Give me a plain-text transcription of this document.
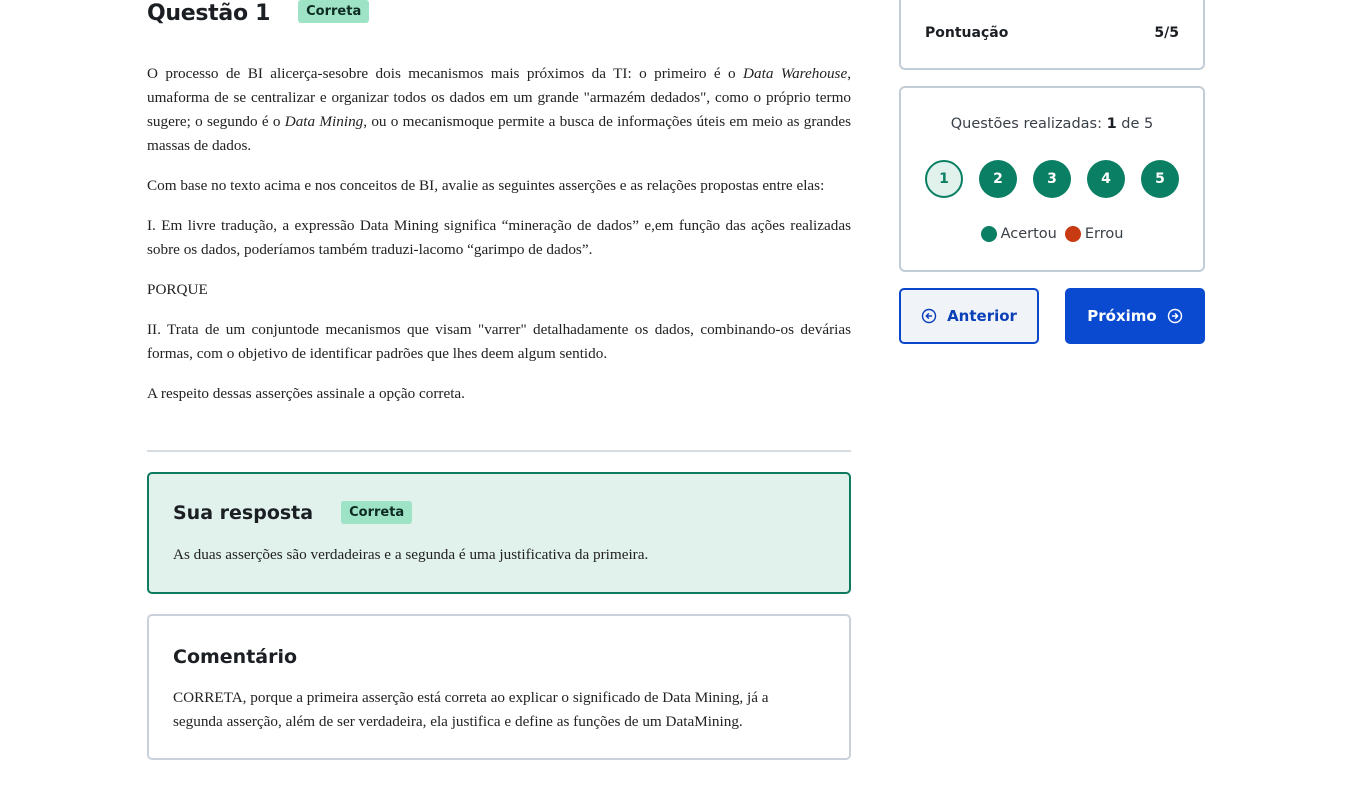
Questão 1	Correta

O processo de BI alicerça-sesobre dois mecanismos mais próximos da TI: o primeiro é o Data Warehouse, umaforma de se centralizar e organizar todos os dados em um grande "armazém dedados", como o próprio termo sugere; o segundo é o Data Mining, ou o mecanismoque permite a busca de informações úteis em meio as grandes massas de dados.

Com base no texto acima e nos conceitos de BI, avalie as seguintes asserções e as relações propostas entre elas:

I. Em livre tradução, a expressão Data Mining significa “mineração de dados” e,em função das ações realizadas sobre os dados, poderíamos também traduzi-lacomo “garimpo de dados”.

PORQUE

II. Trata de um conjuntode mecanismos que visam "varrer" detalhadamente os dados, combinando-os devárias formas, com o objetivo de identificar padrões que lhes deem algum sentido.

A respeito dessas asserções assinale a opção correta.

Sua resposta	Correta
As duas asserções são verdadeiras e a segunda é uma justificativa da primeira.
Comentário
CORRETA, porque a primeira asserção está correta ao explicar o significado de Data Mining, já a segunda asserção, além de ser verdadeira, ela justifica e define as funções de um DataMining.
Pontuação	5/5
Questões realizadas: 1 de 5
1	2	3	4	5
Acertou Errou
Anterior	Próximo
